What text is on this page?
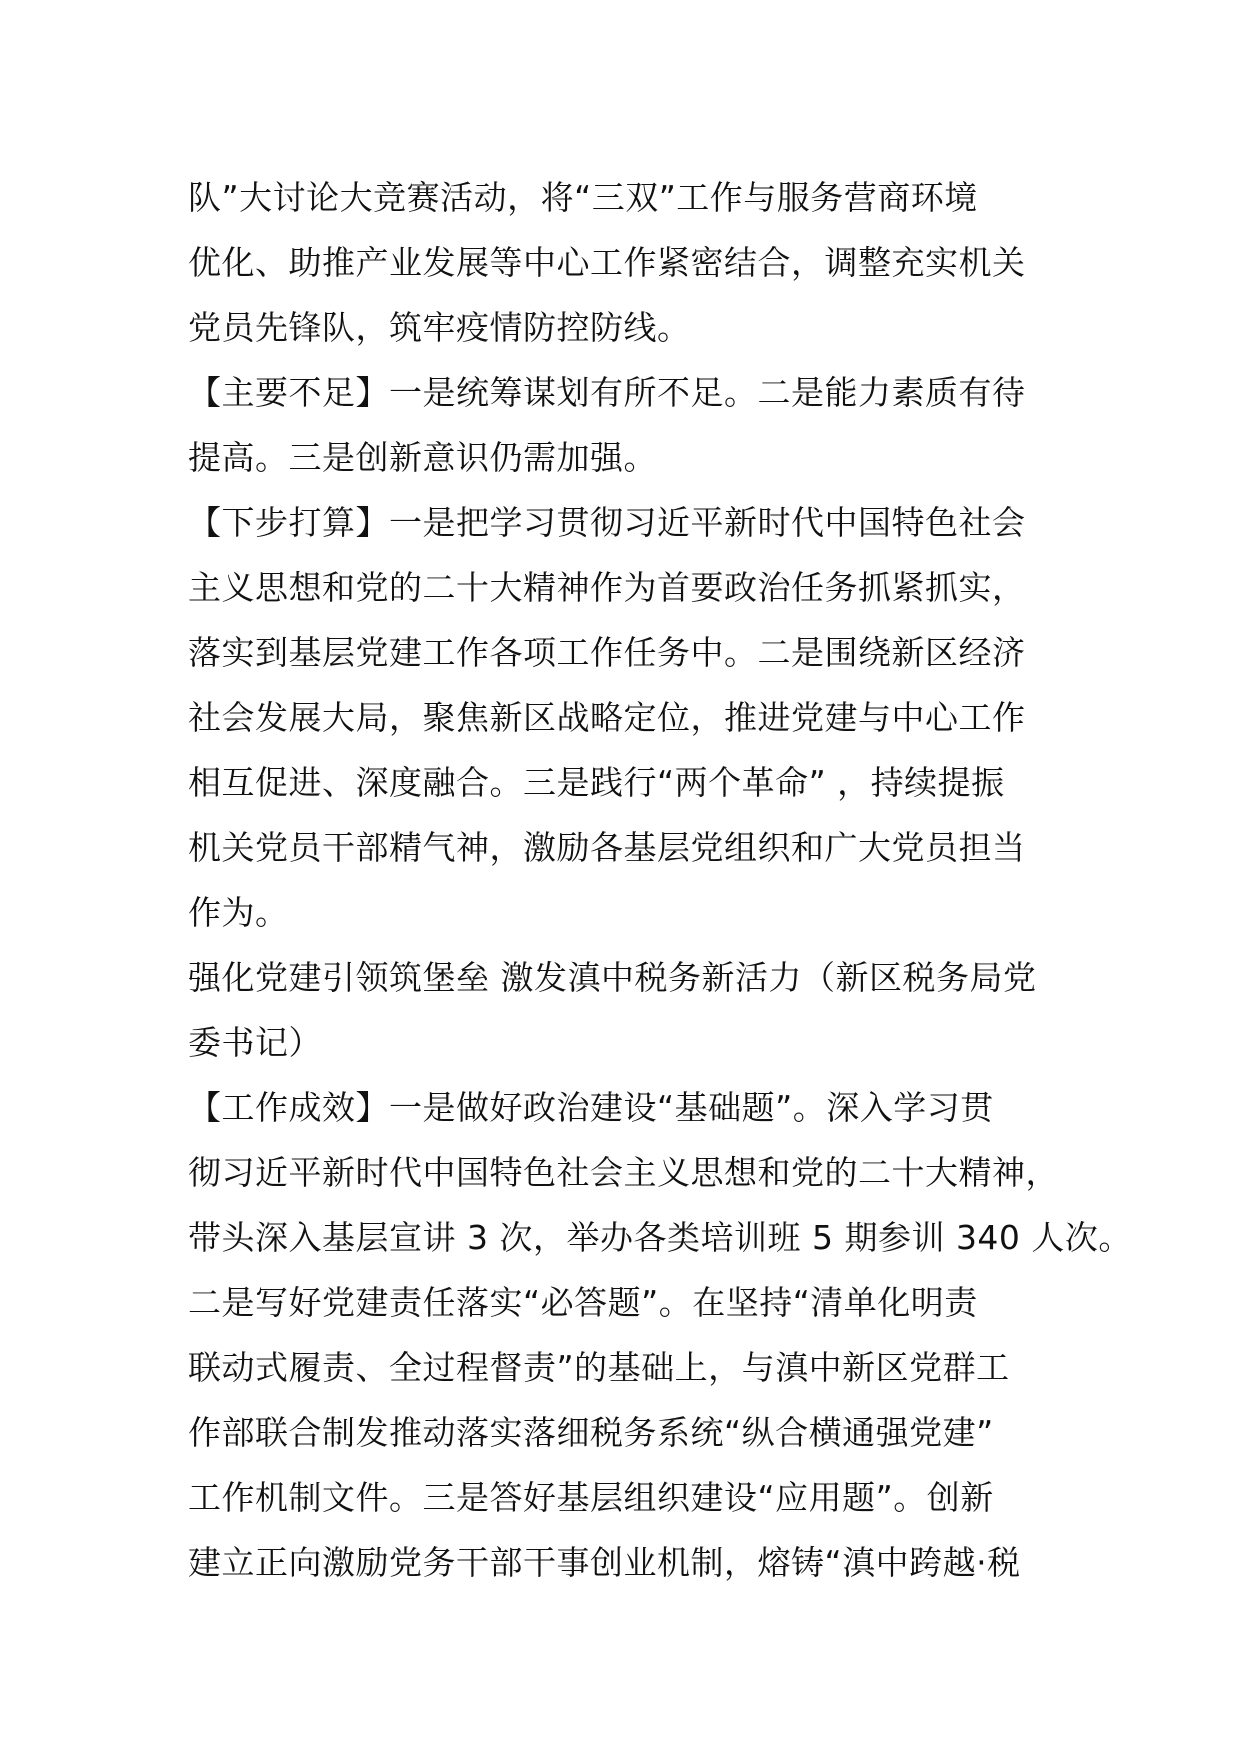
队”大讨论大竞赛活动，将“三双”工作与服务营商环境
优化、助推产业发展等中心工作紧密结合，调整充实机关
党员先锋队，筑牢疫情防控防线。
【主要不足】一是统筹谋划有所不足。二是能力素质有待
提高。三是创新意识仍需加强。
【下步打算】一是把学习贯彻习近平新时代中国特色社会
主义思想和党的二十大精神作为首要政治任务抓紧抓实，
落实到基层党建工作各项工作任务中。二是围绕新区经济
社会发展大局，聚焦新区战略定位，推进党建与中心工作
相互促进、深度融合。三是践行“两个革命” ，持续提振
机关党员干部精气神，激励各基层党组织和广大党员担当
作为。
强化党建引领筑堡垒 激发滇中税务新活力（新区税务局党
委书记）
【工作成效】一是做好政治建设“基础题”。深入学习贯
彻习近平新时代中国特色社会主义思想和党的二十大精神，
带头深入基层宣讲 3 次，举办各类培训班 5 期参训 340 人次。
二是写好党建责任落实“必答题”。在坚持“清单化明责
联动式履责、全过程督责”的基础上，与滇中新区党群工
作部联合制发推动落实落细税务系统“纵合横通强党建”
工作机制文件。三是答好基层组织建设“应用题”。创新
建立正向激励党务干部干事创业机制，熔铸“滇中跨越·税
